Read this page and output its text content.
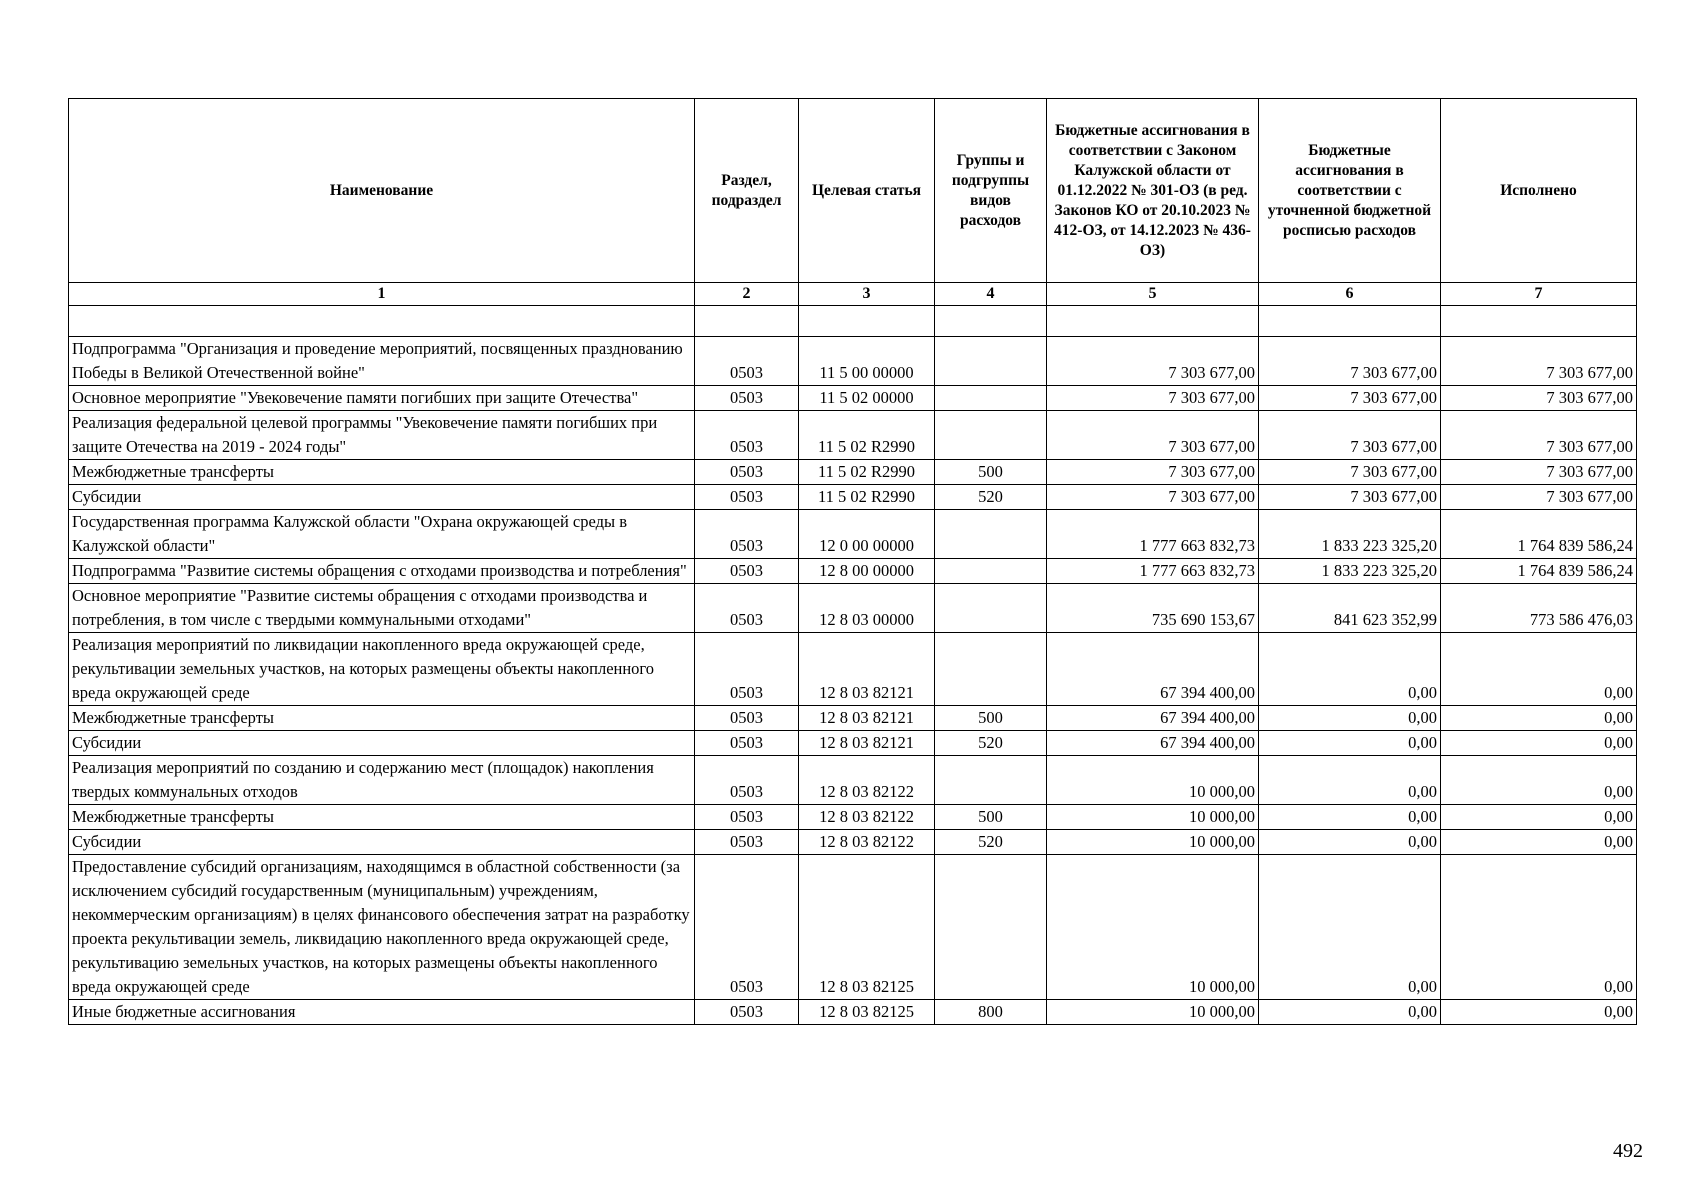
Наименование	Раздел, подраздел	Целевая статья	Группы и подгруппы видов расходов	Бюджетные ассигнования в соответствии с Законом Калужской области от 01.12.2022 № 301-ОЗ (в ред. Законов КО от 20.10.2023 № 412-ОЗ, от 14.12.2023 № 436-ОЗ)	Бюджетные ассигнования в соответствии с уточненной бюджетной росписью расходов	Исполнено
1	2	3	4	5	6	7

Подпрограмма "Организация и проведение мероприятий, посвященных празднованию Победы в Великой Отечественной войне"	0503	11 5 00 00000		7 303 677,00	7 303 677,00	7 303 677,00
Основное мероприятие "Увековечение памяти погибших при защите Отечества"	0503	11 5 02 00000		7 303 677,00	7 303 677,00	7 303 677,00
Реализация федеральной целевой программы "Увековечение памяти погибших при защите Отечества на 2019 - 2024 годы"	0503	11 5 02 R2990		7 303 677,00	7 303 677,00	7 303 677,00
Межбюджетные трансферты	0503	11 5 02 R2990	500	7 303 677,00	7 303 677,00	7 303 677,00
Субсидии	0503	11 5 02 R2990	520	7 303 677,00	7 303 677,00	7 303 677,00
Государственная программа Калужской области "Охрана окружающей среды в Калужской области"	0503	12 0 00 00000		1 777 663 832,73	1 833 223 325,20	1 764 839 586,24
Подпрограмма "Развитие системы обращения с отходами производства и потребления"	0503	12 8 00 00000		1 777 663 832,73	1 833 223 325,20	1 764 839 586,24
Основное мероприятие "Развитие системы обращения с отходами производства и потребления, в том числе с твердыми коммунальными отходами"	0503	12 8 03 00000		735 690 153,67	841 623 352,99	773 586 476,03
Реализация мероприятий по ликвидации накопленного вреда окружающей среде, рекультивации земельных участков, на которых размещены объекты накопленного вреда окружающей среде	0503	12 8 03 82121		67 394 400,00	0,00	0,00
Межбюджетные трансферты	0503	12 8 03 82121	500	67 394 400,00	0,00	0,00
Субсидии	0503	12 8 03 82121	520	67 394 400,00	0,00	0,00
Реализация мероприятий по созданию и содержанию мест (площадок) накопления твердых коммунальных отходов	0503	12 8 03 82122		10 000,00	0,00	0,00
Межбюджетные трансферты	0503	12 8 03 82122	500	10 000,00	0,00	0,00
Субсидии	0503	12 8 03 82122	520	10 000,00	0,00	0,00
Предоставление субсидий организациям, находящимся в областной собственности (за исключением субсидий государственным (муниципальным) учреждениям, некоммерческим организациям) в целях финансового обеспечения затрат на разработку проекта рекультивации земель, ликвидацию накопленного вреда окружающей среде, рекультивацию земельных участков, на которых размещены объекты накопленного вреда окружающей среде	0503	12 8 03 82125		10 000,00	0,00	0,00
Иные бюджетные ассигнования	0503	12 8 03 82125	800	10 000,00	0,00	0,00
492
